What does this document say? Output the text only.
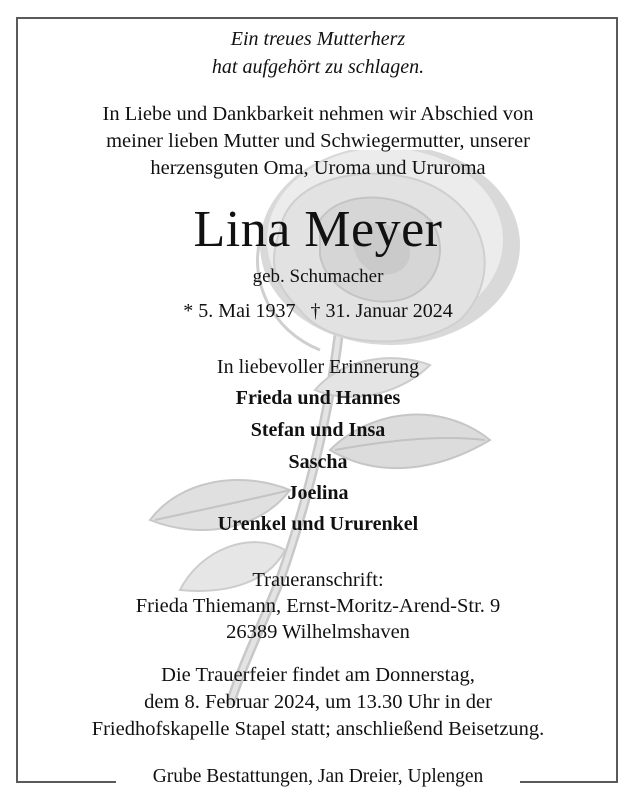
Ein treues Mutterherz
hat aufgehört zu schlagen.
In Liebe und Dankbarkeit nehmen wir Abschied von
meiner lieben Mutter und Schwiegermutter, unserer
herzensguten Oma, Uroma und Ururoma
Lina Meyer
geb. Schumacher
* 5. Mai 1937   † 31. Januar 2024
In liebevoller Erinnerung
Frieda und Hannes
Stefan und Insa
Sascha
Joelina
Urenkel und Ururenkel
Traueranschrift:
Frieda Thiemann, Ernst-Moritz-Arend-Str. 9
26389 Wilhelmshaven
Die Trauerfeier findet am Donnerstag,
dem 8. Februar 2024, um 13.30 Uhr in der
Friedhofskapelle Stapel statt; anschließend Beisetzung.
Grube Bestattungen, Jan Dreier, Uplengen
